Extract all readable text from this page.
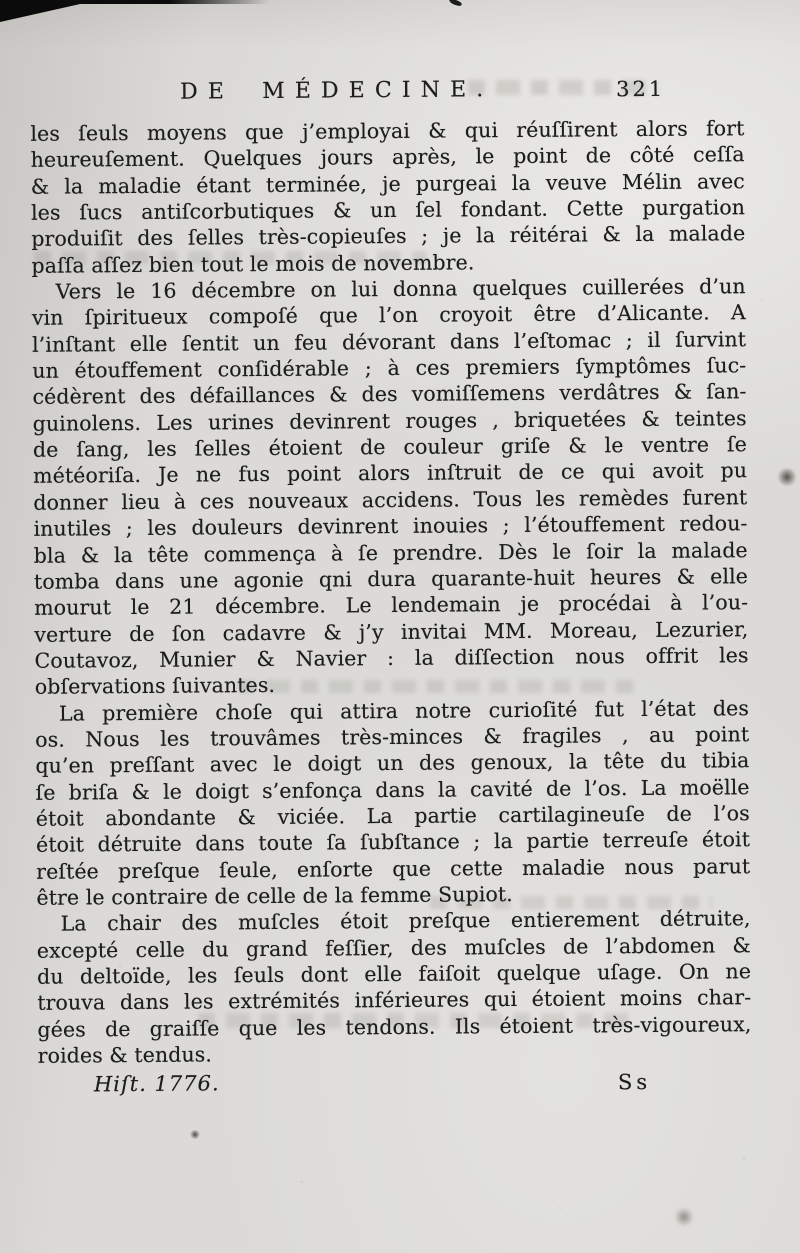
DE MÉDECINE.	321
les ſeuls moyens que j’employai & qui réuſſirent alors fort
heureuſement. Quelques jours après, le point de côté ceſſa
& la maladie étant terminée, je purgeai la veuve Mélin avec
les ſucs antiſcorbutiques & un ſel fondant. Cette purgation
produiſit des ſelles très-copieuſes ; je la réitérai & la malade
paſſa aſſez bien tout le mois de novembre.
Vers le 16 décembre on lui donna quelques cuillerées d’un
vin ſpiritueux compoſé que l’on croyoit être d’Alicante. A
l’inſtant elle ſentit un feu dévorant dans l’eſtomac ; il ſurvint
un étouffement conſidérable ; à ces premiers ſymptômes ſuc-
cédèrent des défaillances & des vomiſſemens verdâtres & ſan-
guinolens. Les urines devinrent rouges , briquetées & teintes
de ſang, les ſelles étoient de couleur griſe & le ventre ſe
météoriſa. Je ne fus point alors inſtruit de ce qui avoit pu
donner lieu à ces nouveaux accidens. Tous les remèdes furent
inutiles ; les douleurs devinrent inouies ; l’étouffement redou-
bla & la tête commença à ſe prendre. Dès le ſoir la malade
tomba dans une agonie qni dura quarante-huit heures & elle
mourut le 21 décembre. Le lendemain je procédai à l’ou-
verture de ſon cadavre & j’y invitai MM. Moreau, Lezurier,
Coutavoz, Munier & Navier : la diſſection nous offrit les
obſervations ſuivantes.
La première choſe qui attira notre curioſité fut l’état des
os. Nous les trouvâmes très-minces & fragiles , au point
qu’en preſſant avec le doigt un des genoux, la tête du tibia
ſe briſa & le doigt s’enfonça dans la cavité de l’os. La moëlle
étoit abondante & viciée. La partie cartilagineuſe de l’os
étoit détruite dans toute ſa ſubſtance ; la partie terreuſe étoit
reſtée preſque ſeule, enſorte que cette maladie nous parut
être le contraire de celle de la femme Supiot.
La chair des muſcles étoit preſque entierement détruite,
excepté celle du grand feſſier, des muſcles de l’abdomen &
du deltoïde, les ſeuls dont elle faiſoit quelque uſage. On ne
trouva dans les extrémités inférieures qui étoient moins char-
gées de graiſſe que les tendons. Ils étoient très-vigoureux,
roides & tendus.
Hiſt. 1776.	Ss
